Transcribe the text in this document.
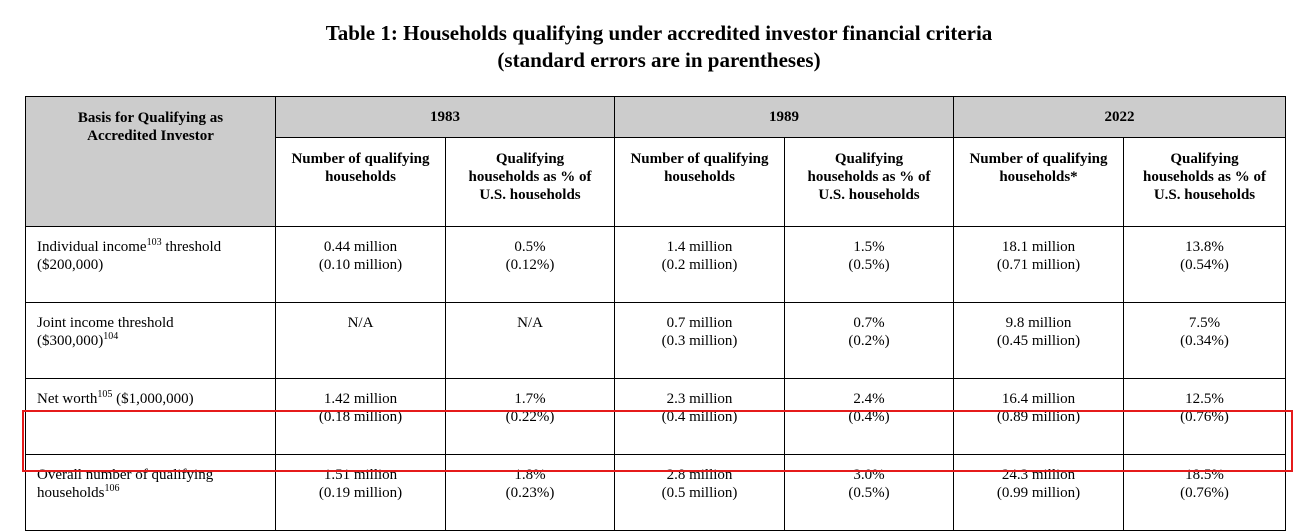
Table 1: Households qualifying under accredited investor financial criteria
(standard errors are in parentheses)
Basis for Qualifying as
Accredited Investor	1983		1989		2022	

	Number of qualifying
households	Qualifying
households as % of
U.S. households	Number of qualifying
households	Qualifying
households as % of
U.S. households	Number of qualifying
households*	Qualifying
households as % of
U.S. households

Individual income$^{103}$ threshold
($200,000)	0.44 million
(0.10 million)	0.5%
(0.12%)	1.4 million
(0.2 million)	1.5%
(0.5%)	18.1 million
(0.71 million)	13.8%
(0.54%)

Joint income threshold
($300,000)$^{104}$	N/A	N/A	0.7 million
(0.3 million)	0.7%
(0.2%)	9.8 million
(0.45 million)	7.5%
(0.34%)

Net worth$^{105}$ ($1,000,000)	1.42 million
(0.18 million)	1.7%
(0.22%)	2.3 million
(0.4 million)	2.4%
(0.4%)	16.4 million
(0.89 million)	12.5%
(0.76%)

Overall number of qualifying
households$^{106}$	1.51 million
(0.19 million)	1.8%
(0.23%)	2.8 million
(0.5 million)	3.0%
(0.5%)	24.3 million
(0.99 million)	18.5%
(0.76%)
